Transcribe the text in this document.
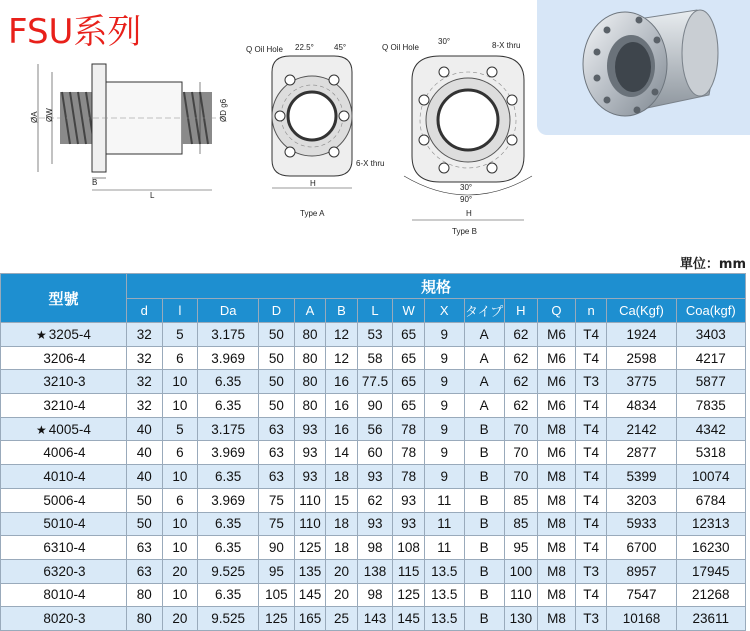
FSU系列
ØA ØW	ØD g6
B
L
Q Oil Hole 22.5°	45°
6-X thru
H
Type A
Q Oil Hole
30°	8-X thru
30°
90°
H
Type B
單位：mm
型號	規格														
	d	l	Da	D	A	B	L	W	X	タイプ	H	Q	n	Ca(Kgf)	Coa(kgf)
★ 3205-4	32	5	3.175	50	80	12	53	65	9	A	62	M6	T4	1924	3403
3206-4	32	6	3.969	50	80	12	58	65	9	A	62	M6	T4	2598	4217
3210-3	32	10	6.35	50	80	16	77.5	65	9	A	62	M6	T3	3775	5877
3210-4	32	10	6.35	50	80	16	90	65	9	A	62	M6	T4	4834	7835
★ 4005-4	40	5	3.175	63	93	16	56	78	9	B	70	M8	T4	2142	4342
4006-4	40	6	3.969	63	93	14	60	78	9	B	70	M6	T4	2877	5318
4010-4	40	10	6.35	63	93	18	93	78	9	B	70	M8	T4	5399	10074
5006-4	50	6	3.969	75	110	15	62	93	11	B	85	M8	T4	3203	6784
5010-4	50	10	6.35	75	110	18	93	93	11	B	85	M8	T4	5933	12313
6310-4	63	10	6.35	90	125	18	98	108	11	B	95	M8	T4	6700	16230
6320-3	63	20	9.525	95	135	20	138	115	13.5	B	100	M8	T3	8957	17945
8010-4	80	10	6.35	105	145	20	98	125	13.5	B	110	M8	T4	7547	21268
8020-3	80	20	9.525	125	165	25	143	145	13.5	B	130	M8	T3	10168	23611
